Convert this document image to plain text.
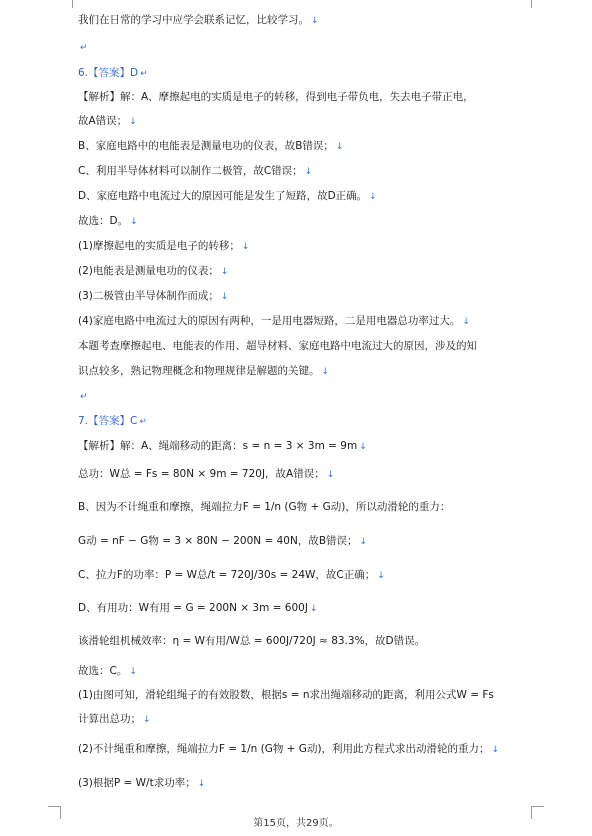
我们在日常的学习中应学会联系记忆，比较学习。 ↓
↵
6.【答案】D ↵
【解析】解：A、摩擦起电的实质是电子的转移，得到电子带负电，失去电子带正电，
故A错误； ↓
B、家庭电路中的电能表是测量电功的仪表，故B错误； ↓
C、利用半导体材料可以制作二极管，故C错误； ↓
D、家庭电路中电流过大的原因可能是发生了短路，故D正确。 ↓
故选：D。 ↓
(1)摩擦起电的实质是电子的转移； ↓
(2)电能表是测量电功的仪表； ↓
(3)二极管由半导体制作而成； ↓
(4)家庭电路中电流过大的原因有两种，一是用电器短路，二是用电器总功率过大。 ↓
本题考查摩擦起电、电能表的作用、超导材料、家庭电路中电流过大的原因，涉及的知
识点较多，熟记物理概念和物理规律是解题的关键。 ↓
↵
7.【答案】C ↵
【解析】解：A、绳端移动的距离：s = n = 3 × 3m = 9m ↓
总功：W总 = Fs = 80N × 9m = 720J，故A错误； ↓
B、因为不计绳重和摩擦，绳端拉力F = 1/n (G物 + G动)，所以动滑轮的重力：
G动 = nF − G物 = 3 × 80N − 200N = 40N，故B错误； ↓
C、拉力F的功率：P = W总/t = 720J/30s = 24W，故C正确； ↓
D、有用功：W有用 = G = 200N × 3m = 600J ↓
该滑轮组机械效率：η = W有用/W总 = 600J/720J ≈ 83.3%，故D错误。
故选：C。 ↓
(1)由图可知，滑轮组绳子的有效股数，根据s = n求出绳端移动的距离，利用公式W = Fs
计算出总功； ↓
(2)不计绳重和摩擦，绳端拉力F = 1/n (G物 + G动)，利用此方程式求出动滑轮的重力； ↓
(3)根据P = W/t求功率； ↓
第15页，共29页。
